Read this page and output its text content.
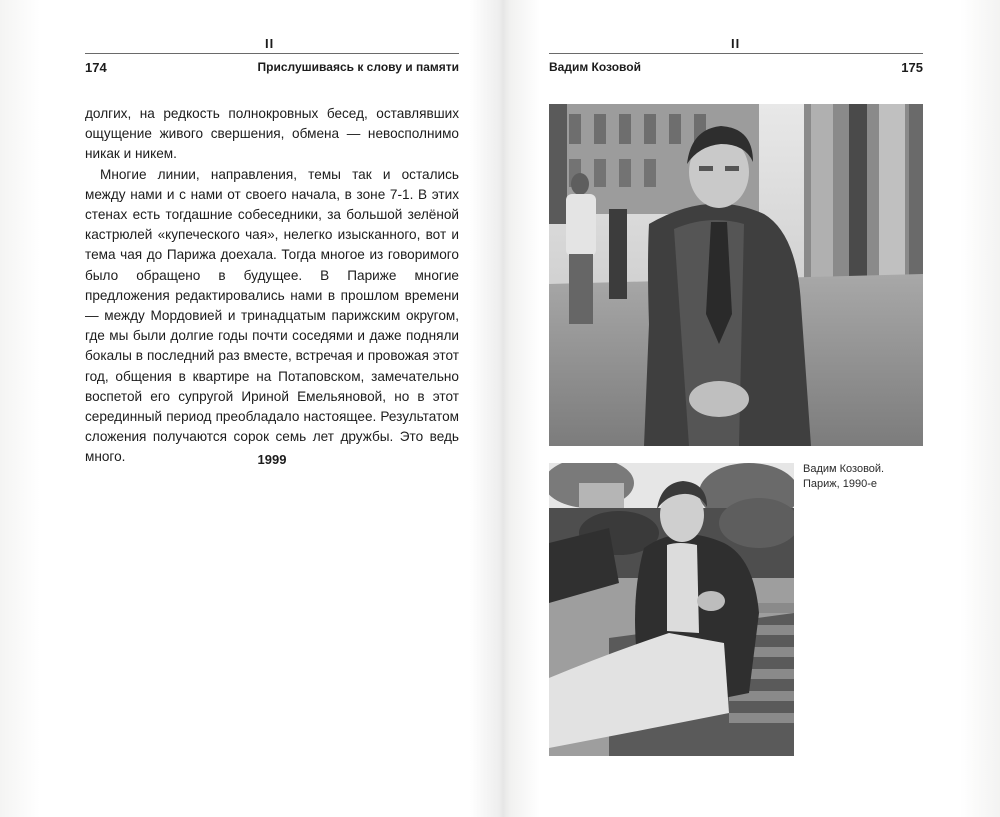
II
174	Прислушиваясь к слову и памяти

долгих, на редкость полнокровных бесед, оставлявших ощущение живого свершения, обмена — невосполнимо никак и никем.

Многие линии, направления, темы так и остались между нами и с нами от своего начала, в зоне 7-1. В этих стенах есть тогдашние собеседники, за большой зелёной кастрюлей «купеческого чая», нелегко изысканного, вот и тема чая до Парижа доехала. Тогда многое из говоримого было обращено в будущее. В Париже многие предложения редактировались нами в прошлом времени — между Мордовией и тринадцатым парижским округом, где мы были долгие годы почти соседями и даже подняли бокалы в последний раз вместе, встречая и провожая этот год, общения в квартире на Потаповском, замечательно воспетой его супругой Ириной Емельяновой, но в этот серединный период преобладало настоящее. Результатом сложения получаются сорок семь лет дружбы. Это ведь много.	1999
II
Вадим Козовой	175
Вадим Козовой.
Париж, 1990-е
